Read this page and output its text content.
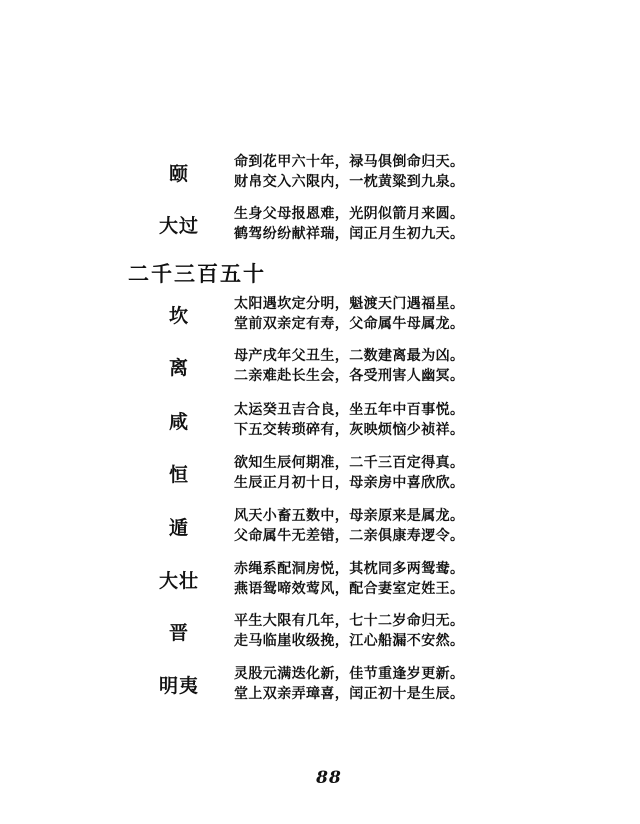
颐
命到花甲六十年，禄马俱倒命归天。
财帛交入六限内，一枕黄粱到九泉。
大过
生身父母报恩难，光阴似箭月来圆。
鹤驾纷纷献祥瑞，闰正月生初九天。
二千三百五十
坎
太阳遇坎定分明，魁渡天门遇福星。
堂前双亲定有寿，父命属牛母属龙。
离
母产戌年父丑生，二数建离最为凶。
二亲难赴长生会，各受刑害人幽冥。
咸
太运癸丑吉合良，坐五年中百事悦。
下五交转琐碎有，灰映烦恼少祯祥。
恒
欲知生辰何期准，二千三百定得真。
生辰正月初十日，母亲房中喜欣欣。
遁
风天小畜五数中，母亲原来是属龙。
父命属牛无差错，二亲俱康寿逻令。
大壮
赤绳系配洞房悦，其枕同多两鸳鸯。
燕语鸳啼效莺风，配合妻室定姓王。
晋
平生大限有几年，七十二岁命归无。
走马临崖收级挽，江心船漏不安然。
明夷
灵股元满迭化新，佳节重逢岁更新。
堂上双亲弄璋喜，闰正初十是生辰。
88
